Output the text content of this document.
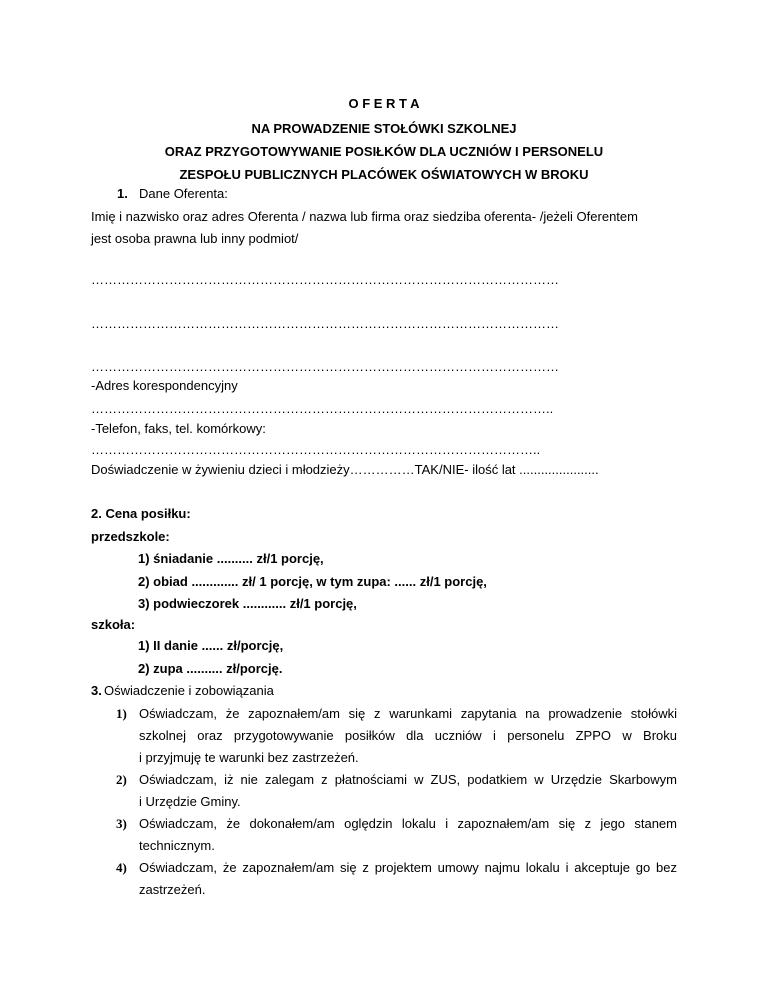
O F E R T A
NA PROWADZENIE STOŁÓWKI SZKOLNEJ
ORAZ PRZYGOTOWYWANIE POSIŁKÓW DLA UCZNIÓW I PERSONELU
ZESPOŁU PUBLICZNYCH PLACÓWEK OŚWIATOWYCH W BROKU
1. Dane Oferenta:
Imię i nazwisko oraz adres Oferenta / nazwa lub firma oraz siedziba oferenta- /jeżeli Oferentem
jest osoba prawna lub inny podmiot/
………………………………………………………………………………………………
………………………………………………………………………………………………
………………………………………………………………………………………………
-Adres korespondencyjny
……………………………………………………………………………………………..
-Telefon, faks, tel. komórkowy:
…………………………………………………………………………………………..
Doświadczenie w żywieniu dzieci i młodzieży……………TAK/NIE- ilość lat ......................
2. Cena posiłku:
przedszkole:
1) śniadanie .......... zł/1 porcję,
2) obiad ............. zł/ 1 porcję, w tym zupa: ...... zł/1 porcję,
3) podwieczorek ............ zł/1 porcję,
szkoła:
1) II danie ...... zł/porcję,
2) zupa .......... zł/porcję.
3. Oświadczenie i zobowiązania
1) Oświadczam, że zapoznałem/am się z warunkami zapytania na prowadzenie stołówki
szkolnej oraz przygotowywanie posiłków dla uczniów i personelu ZPPO w Broku
i przyjmuję te warunki bez zastrzeżeń.
2) Oświadczam, iż nie zalegam z płatnościami w ZUS, podatkiem w Urzędzie Skarbowym
i Urzędzie Gminy.
3) Oświadczam, że dokonałem/am oględzin lokalu i zapoznałem/am się z jego stanem
technicznym.
4) Oświadczam, że zapoznałem/am się z projektem umowy najmu lokalu i akceptuje go bez
zastrzeżeń.
